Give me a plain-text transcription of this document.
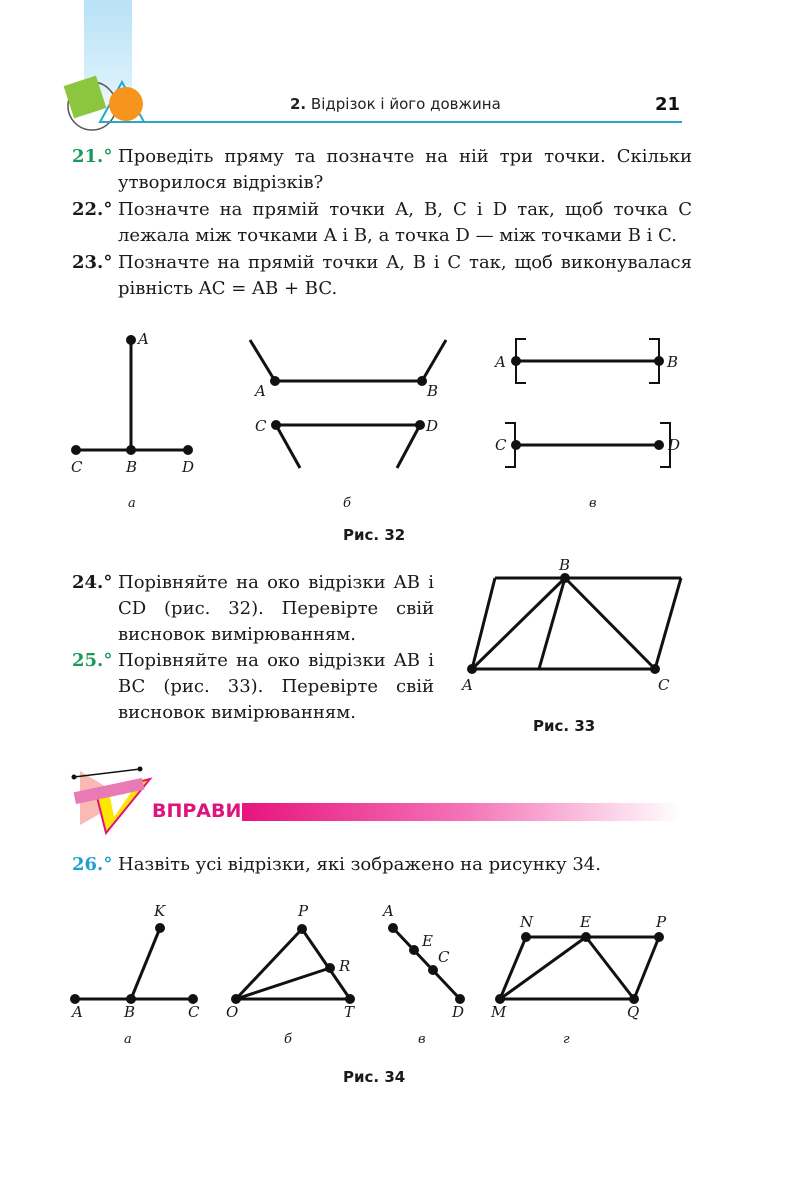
2. Відрізок і його довжина	21
21.° Проведіть пряму та позначте на ній три точки. Скільки утворилося відрізків?
22.° Позначте на прямій точки A, B, C і D так, щоб точка C лежала між точками A і B, а точка D — між точками B і C.
23.° Позначте на прямій точки A, B і C так, щоб виконувалася рівність AC = AB + BC.
A
C	B	D
A	B
C	D
A	B
C	D
а	б	в
Рис. 32
24.° Порівняйте на око відрізки AB і CD (рис. 32). Перевірте свій висновок вимірюванням.
25.° Порівняйте на око відрізки AB і BC (рис. 33). Перевірте свій висновок вимірюванням.
B
A	C
Рис. 33
ВПРАВИ
26.° Назвіть усі відрізки, які зображено на рисунку 34.
K
A	B	C
P
R
O	T
A
E
C
D
N	E	P
M	Q
а	б	в	г
Рис. 34
